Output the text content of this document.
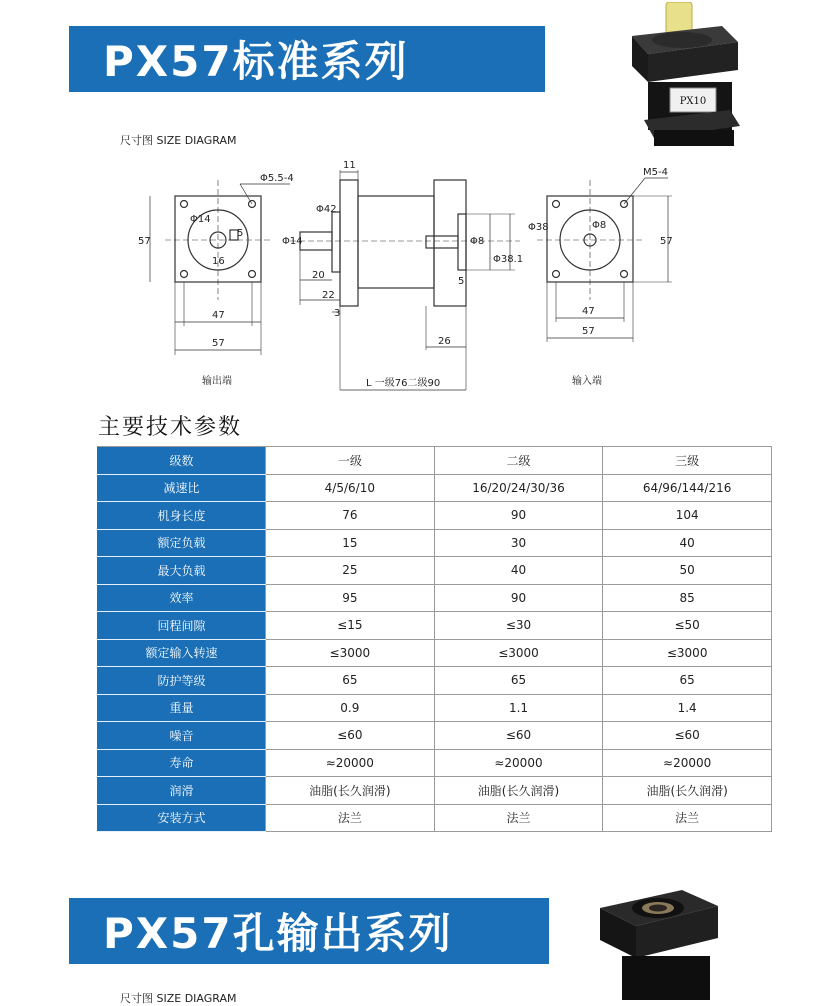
PX57标准系列
PX10
尺寸图 SIZE DIAGRAM
Φ5.5-4
Φ14
5
16
57
47
57
11
Φ42
Φ14
20
22
3
26
Φ8
Φ38.1
5
M5-4
Φ38	Φ8
57
47
57
输出端	L 一级76二级90	输入端
主要技术参数
级数	一级	二级	三级
减速比	4/5/6/10	16/20/24/30/36	64/96/144/216
机身长度	76	90	104
额定负载	15	30	40
最大负载	25	40	50
效率	95	90	85
回程间隙	≤15	≤30	≤50
额定输入转速	≤3000	≤3000	≤3000
防护等级	65	65	65
重量	0.9	1.1	1.4
噪音	≤60	≤60	≤60
寿命	≈20000	≈20000	≈20000
润滑	油脂(长久润滑)	油脂(长久润滑)	油脂(长久润滑)
安装方式	法兰	法兰	法兰
PX57孔输出系列
尺寸图 SIZE DIAGRAM
